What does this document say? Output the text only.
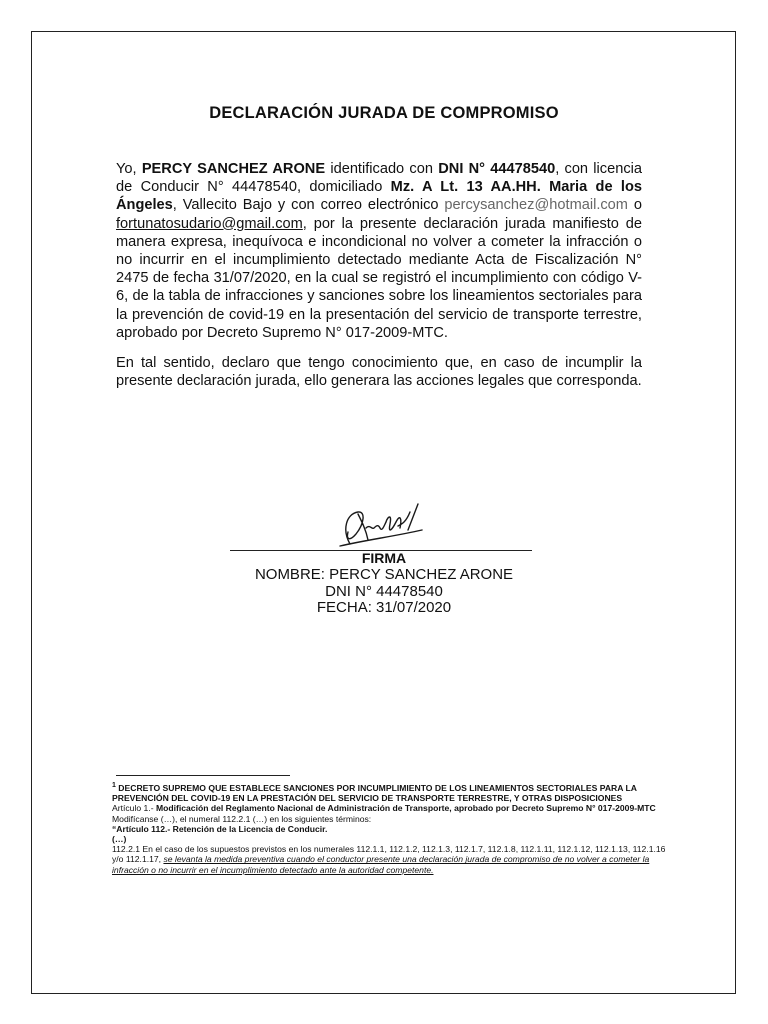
DECLARACIÓN JURADA DE COMPROMISO
Yo, PERCY SANCHEZ ARONE identificado con DNI N° 44478540, con licencia de Conducir N° 44478540, domiciliado Mz. A Lt. 13 AA.HH. Maria de los Ángeles, Vallecito Bajo y con correo electrónico percysanchez@hotmail.com o fortunatosudario@gmail.com, por la presente declaración jurada manifiesto de manera expresa, inequívoca e incondicional no volver a cometer la infracción o no incurrir en el incumplimiento detectado mediante Acta de Fiscalización N° 2475 de fecha 31/07/2020, en la cual se registró el incumplimiento con código V-6, de la tabla de infracciones y sanciones sobre los lineamientos sectoriales para la prevención de covid-19 en la presentación del servicio de transporte terrestre, aprobado por Decreto Supremo N° 017-2009-MTC.
En tal sentido, declaro que tengo conocimiento que, en caso de incumplir la presente declaración jurada, ello generara las acciones legales que corresponda.
FIRMA
NOMBRE: PERCY SANCHEZ ARONE
DNI N° 44478540
FECHA: 31/07/2020
$^1$ DECRETO SUPREMO QUE ESTABLECE SANCIONES POR INCUMPLIMIENTO DE LOS LINEAMIENTOS SECTORIALES PARA LA PREVENCIÓN DEL COVID-19 EN LA PRESTACIÓN DEL SERVICIO DE TRANSPORTE TERRESTRE, Y OTRAS DISPOSICIONES
Artículo 1.- Modificación del Reglamento Nacional de Administración de Transporte, aprobado por Decreto Supremo N° 017-2009-MTC
Modifícanse (…), el numeral 112.2.1 (…) en los siguientes términos:
“Artículo 112.- Retención de la Licencia de Conducir.
(…)
112.2.1 En el caso de los supuestos previstos en los numerales 112.1.1, 112.1.2, 112.1.3, 112.1.7, 112.1.8, 112.1.11, 112.1.12, 112.1.13, 112.1.16 y/o 112.1.17, se levanta la medida preventiva cuando el conductor presente una declaración jurada de compromiso de no volver a cometer la infracción o no incurrir en el incumplimiento detectado ante la autoridad competente.
